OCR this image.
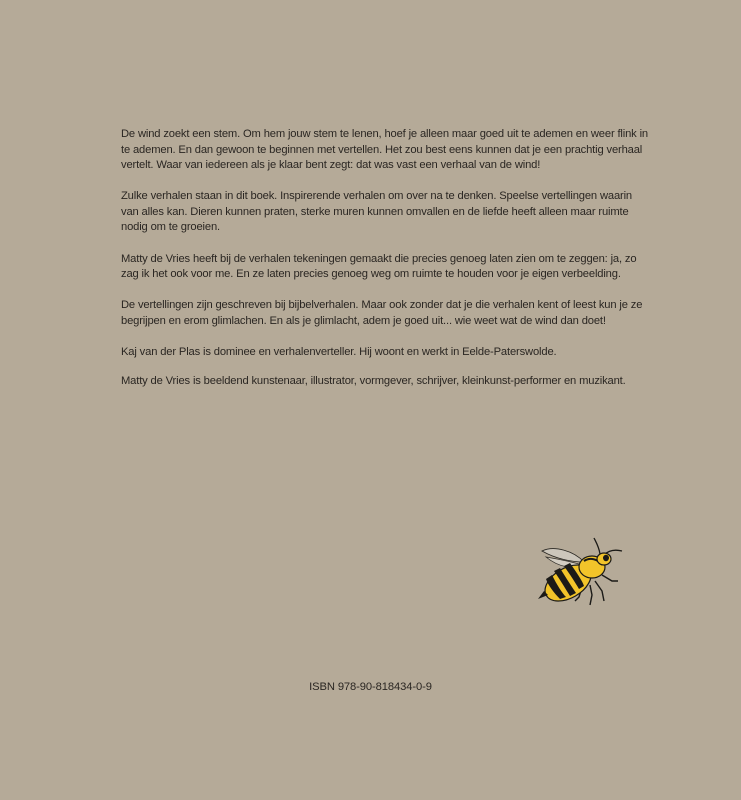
De wind zoekt een stem. Om hem jouw stem te lenen, hoef je alleen maar goed uit te ademen en weer flink in te ademen. En dan gewoon te beginnen met vertellen. Het zou best eens kunnen dat je een prachtig verhaal vertelt. Waar van iedereen als je klaar bent zegt: dat was vast een verhaal van de wind!

Zulke verhalen staan in dit boek. Inspirerende verhalen om over na te denken. Speelse vertellingen waarin van alles kan. Dieren kunnen praten, sterke muren kunnen omvallen en de liefde heeft alleen maar ruimte nodig om te groeien.

Matty de Vries heeft bij de verhalen tekeningen gemaakt die precies genoeg laten zien om te zeggen: ja, zo zag ik het ook voor me. En ze laten precies genoeg weg om ruimte te houden voor je eigen verbeelding.

De vertellingen zijn geschreven bij bijbelverhalen. Maar ook zonder dat je die verhalen kent of leest kun je ze begrijpen en erom glimlachen. En als je glimlacht, adem je goed uit... wie weet wat de wind dan doet!

Kaj van der Plas is dominee en verhalenverteller. Hij woont en werkt in Eelde-Paterswolde.

Matty de Vries is beeldend kunstenaar, illustrator, vormgever, schrijver, kleinkunst-performer en muzikant.

ISBN 978-90-818434-0-9
